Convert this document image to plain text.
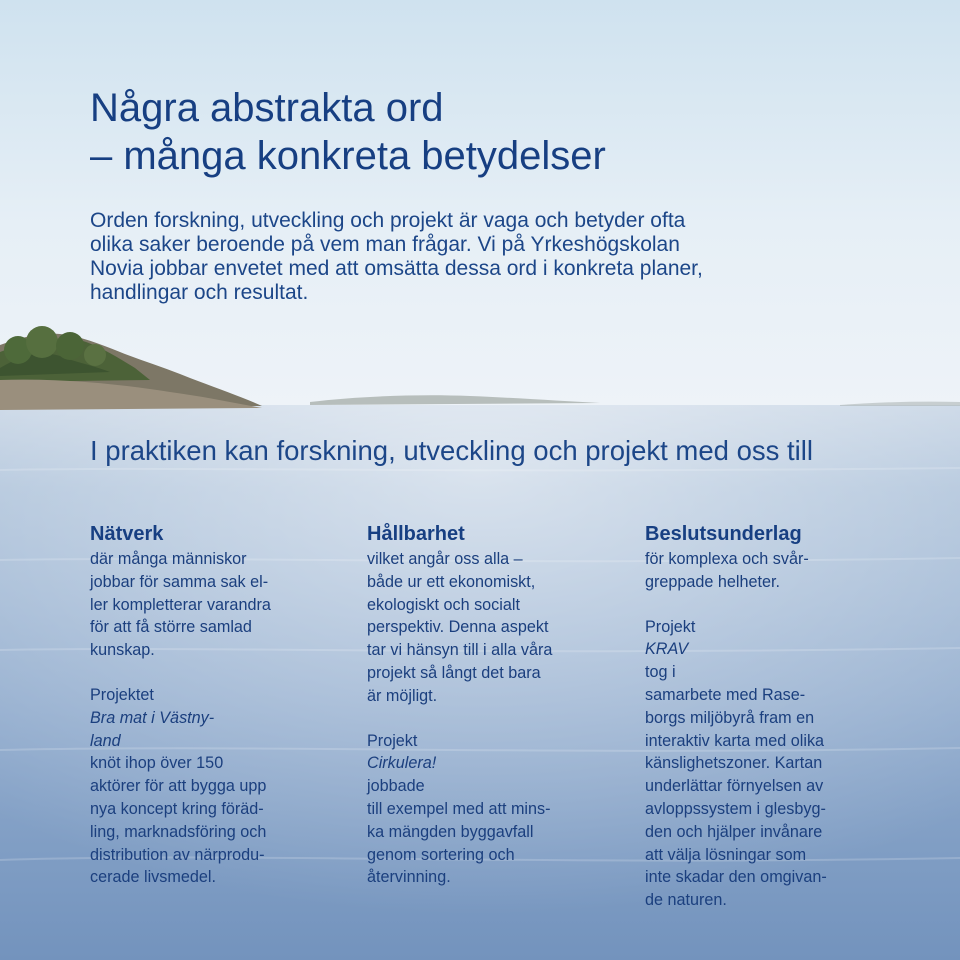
Några abstrakta ord
– många konkreta betydelser
Orden forskning, utveckling och projekt är vaga och betyder ofta
olika saker beroende på vem man frågar. Vi på Yrkeshögskolan
Novia jobbar envetet med att omsätta dessa ord i konkreta planer,
handlingar och resultat.
I praktiken kan forskning, utveckling och projekt med oss till
Nätverk
där många människor
jobbar för samma sak el-
ler kompletterar varandra
för att få större samlad
kunskap.
Projektet
Bra mat i Västny-
land
knöt ihop över 150
aktörer för att bygga upp
nya koncept kring föräd-
ling, marknadsföring och
distribution av närprodu-
cerade livsmedel.
Hållbarhet
vilket angår oss alla –
både ur ett ekonomiskt,
ekologiskt och socialt
perspektiv. Denna aspekt
tar vi hänsyn till i alla våra
projekt så långt det bara
är möjligt.
Projekt
Cirkulera!
jobbade
till exempel med att mins-
ka mängden byggavfall
genom sortering och
återvinning.
Beslutsunderlag
för komplexa och svår-
greppade helheter.
Projekt
KRAV
tog i
samarbete med Rase-
borgs miljöbyrå fram en
interaktiv karta med olika
känslighetszoner. Kartan
underlättar förnyelsen av
avloppssystem i glesbyg-
den och hjälper invånare
att välja lösningar som
inte skadar den omgivan-
de naturen.
